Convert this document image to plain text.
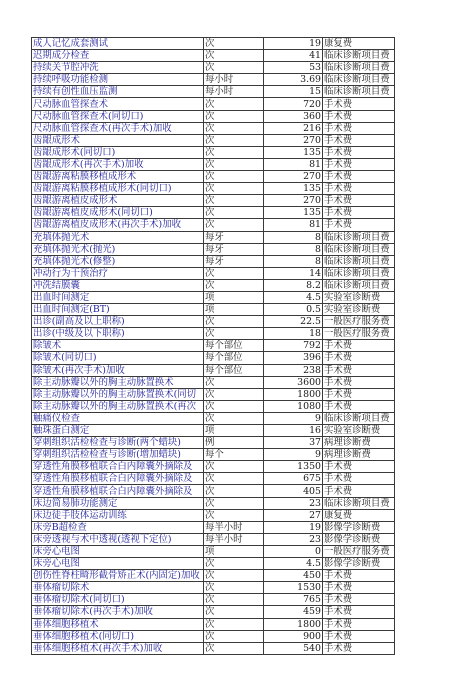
成人记忆成套测试	次	19	康复费
迟期成分检查	次	41	临床诊断项目费
持续关节腔冲洗	次	53	临床诊断项目费
持续呼吸功能检测	每小时	3.69	临床诊断项目费
持续有创性血压监测	每小时	15	临床诊断项目费
尺动脉血管探查术	次	720	手术费
尺动脉血管探查术(同切口)	次	360	手术费
尺动脉血管探查术(再次手术)加收	次	216	手术费
齿龈成形术	次	270	手术费
齿龈成形术(同切口)	次	135	手术费
齿龈成形术(再次手术)加收	次	81	手术费
齿龈游离粘膜移植成形术	次	270	手术费
齿龈游离粘膜移植成形术(同切口)	次	135	手术费
齿龈游离植皮成形术	次	270	手术费
齿龈游离植皮成形术(同切口)	次	135	手术费
齿龈游离植皮成形术(再次手术)加收	次	81	手术费
充填体抛光术	每牙	8	临床诊断项目费
充填体抛光术(抛光)	每牙	8	临床诊断项目费
充填体抛光术(修整)	每牙	8	临床诊断项目费
冲动行为干预治疗	次	14	临床诊断项目费
冲洗结膜囊	次	8.2	临床诊断项目费
出血时间测定	项	4.5	实验室诊断费
出血时间测定(BT)	项	0.5	实验室诊断费
出诊(副高及以上职称)	次	22.5	一般医疗服务费
出诊(中级及以下职称)	次	18	一般医疗服务费
除皱术	每个部位	792	手术费
除皱术(同切口)	每个部位	396	手术费
除皱术(再次手术)加收	每个部位	238	手术费
除主动脉瓣以外的胸主动脉置换术	次	3600	手术费
除主动脉瓣以外的胸主动脉置换术(同切	次	1800	手术费
除主动脉瓣以外的胸主动脉置换术(再次	次	1080	手术费
触痛仪检查	次	9	临床诊断项目费
触珠蛋白测定	项	16	实验室诊断费
穿刺组织活检检查与诊断(两个蜡块)	例	37	病理诊断费
穿刺组织活检检查与诊断(增加蜡块)	每个	9	病理诊断费
穿透性角膜移植联合白内障囊外摘除及	次	1350	手术费
穿透性角膜移植联合白内障囊外摘除及	次	675	手术费
穿透性角膜移植联合白内障囊外摘除及	次	405	手术费
床边简易肺功能测定	次	23	临床诊断项目费
床边徒手肢体运动训练	次	27	康复费
床旁B超检查	每半小时	19	影像学诊断费
床旁透视与术中透视(透视下定位)	每半小时	23	影像学诊断费
床旁心电图	项	0	一般医疗服务费
床旁心电图	次	4.5	影像学诊断费
创伤性脊柱畸形截骨矫正术(内固定)加收	次	450	手术费
垂体瘤切除术	次	1530	手术费
垂体瘤切除术(同切口)	次	765	手术费
垂体瘤切除术(再次手术)加收	次	459	手术费
垂体细胞移植术	次	1800	手术费
垂体细胞移植术(同切口)	次	900	手术费
垂体细胞移植术(再次手术)加收	次	540	手术费
